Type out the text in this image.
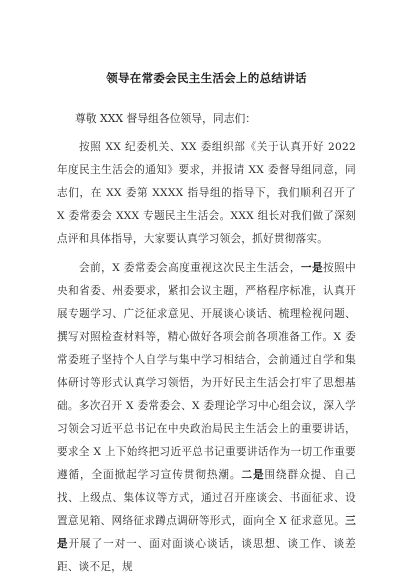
领导在常委会民主生活会上的总结讲话
尊敬 XXX 督导组各位领导，同志们：

按照 XX 纪委机关、XX 委组织部《关于认真开好 2022 年度民主生活会的通知》要求，并报请 XX 委督导组同意，同志们，在 XX 委第 XXXX 指导组的指导下，我们顺利召开了 X 委常委会 XXX 专题民主生活会。XXX 组长对我们做了深刻点评和具体指导，大家要认真学习领会，抓好贯彻落实。

会前，X 委常委会高度重视这次民主生活会，一是按照中央和省委、州委要求，紧扣会议主题，严格程序标准，认真开展专题学习、广泛征求意见、开展谈心谈话、梳理检视问题、撰写对照检查材料等，精心做好各项会前各项准备工作。X 委常委班子坚持个人自学与集中学习相结合，会前通过自学和集体研讨等形式认真学习领悟，为开好民主生活会打牢了思想基础。多次召开 X 委常委会、X 委理论学习中心组会议，深入学习领会习近平总书记在中央政治局民主生活会上的重要讲话，要求全 X 上下始终把习近平总书记重要讲话作为一切工作重要遵循，全面掀起学习宣传贯彻热潮。二是围绕群众提、自己找、上级点、集体议等方式，通过召开座谈会、书面征求、设置意见箱、网络征求蹲点调研等形式，面向全 X 征求意见。三是开展了一对一、面对面谈心谈话，谈思想、谈工作、谈差距、谈不足，规
